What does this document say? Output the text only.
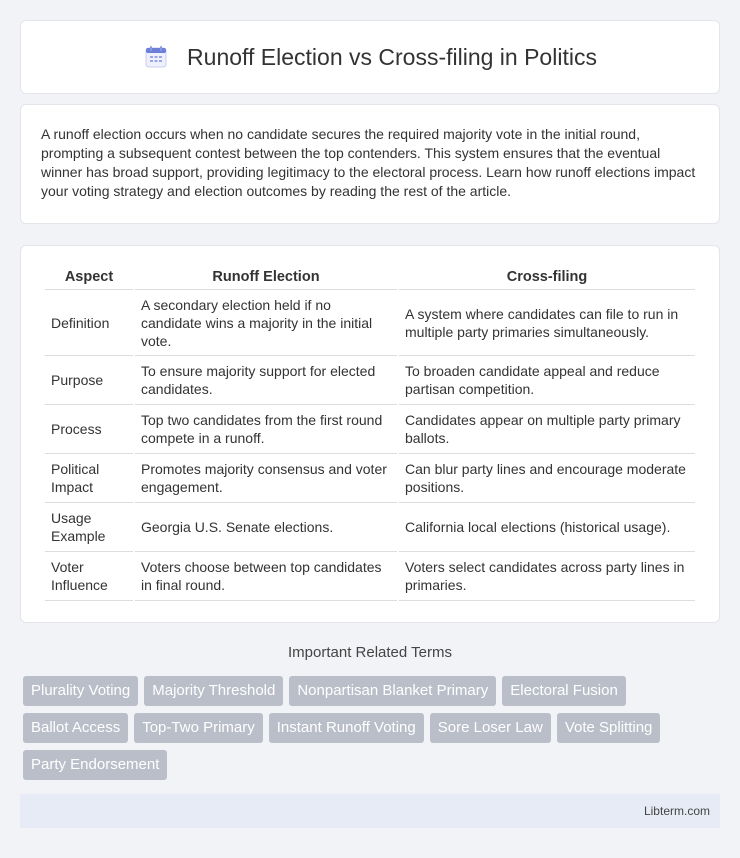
Runoff Election vs Cross-filing in Politics

A runoff election occurs when no candidate secures the required majority vote in the initial round, prompting a subsequent contest between the top contenders. This system ensures that the eventual winner has broad support, providing legitimacy to the electoral process. Learn how runoff elections impact your voting strategy and election outcomes by reading the rest of the article.

Aspect	Runoff Election	Cross-filing
Definition	A secondary election held if no candidate wins a majority in the initial vote.	A system where candidates can file to run in multiple party primaries simultaneously.
Purpose	To ensure majority support for elected candidates.	To broaden candidate appeal and reduce partisan competition.
Process	Top two candidates from the first round compete in a runoff.	Candidates appear on multiple party primary ballots.
Political Impact	Promotes majority consensus and voter engagement.	Can blur party lines and encourage moderate positions.
Usage Example	Georgia U.S. Senate elections.	California local elections (historical usage).
Voter Influence	Voters choose between top candidates in final round.	Voters select candidates across party lines in primaries.
Important Related Terms
Plurality Voting	Majority Threshold	Nonpartisan Blanket Primary	Electoral Fusion
Ballot Access	Top-Two Primary	Instant Runoff Voting	Sore Loser Law	Vote Splitting
Party Endorsement
Libterm.com
